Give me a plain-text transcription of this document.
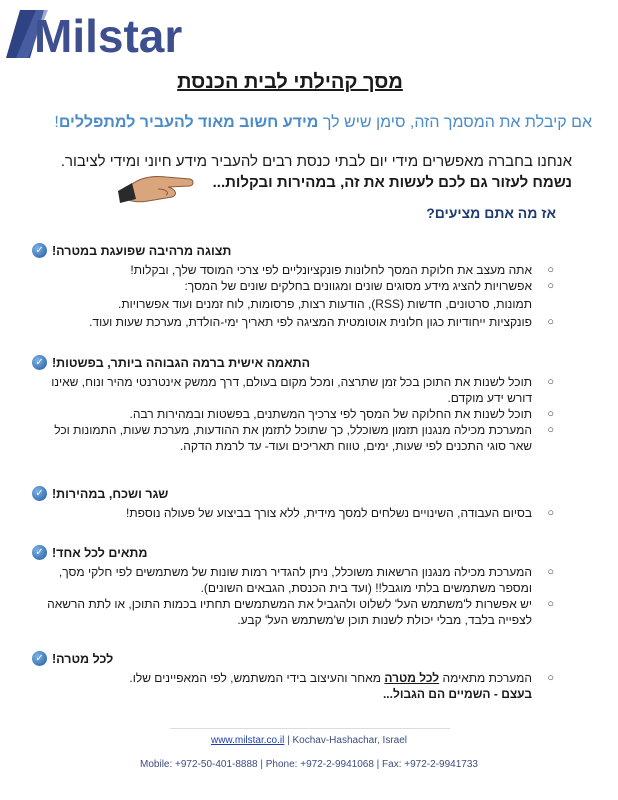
Milstar
מסך קהילתי לבית הכנסת
אם קיבלת את המסמך הזה, סימן שיש לך מידע חשוב מאוד להעביר למתפללים!
אנחנו בחברה מאפשרים מידי יום לבתי כנסת רבים להעביר מידע חיוני ומידי לציבור.
נשמח לעזור גם לכם לעשות את זה, במהירות ובקלות...
אז מה אתם מציעים?
✓ תצוגה מרהיבה שפועגת במטרה!
○
אתה מעצב את חלוקת המסך לחלונות פונקציונליים לפי צרכי המוסד שלך, ובקלות!
○
אפשרויות להציג מידע מסוגים שונים ומגוונים בחלקים שונים של המסך:
תמונות, סרטונים, חדשות (RSS), הודעות רצות, פרסומות, לוח זמנים ועוד אפשרויות.
○
פונקציות ייחודיות כגון חלונית אוטומטית המציגה לפי תאריך ימי-הולדת, מערכת שעות ועוד.
✓ התאמה אישית ברמה הגבוהה ביותר, בפשטות!
○
תוכל לשנות את התוכן בכל זמן שתרצה, ומכל מקום בעולם, דרך ממשק אינטרנטי מהיר ונוח, שאינו דורש ידע מוקדם.
○
תוכל לשנות את החלוקה של המסך לפי צרכיך המשתנים, בפשטות ובמהירות רבה.
○
המערכת מכילה מנגנון תזמון משוכלל, כך שתוכל לתזמן את ההודעות, מערכת שעות, התמונות וכל שאר סוגי התכנים לפי שעות, ימים, טווח תאריכים ועוד- עד לרמת הדקה.
✓ שגר ושכח, במהירות!
○
בסיום העבודה, השינויים נשלחים למסך מידית, ללא צורך בביצוע של פעולה נוספת!
✓ מתאים לכל אחד!
○
המערכת מכילה מנגנון הרשאות משוכלל, ניתן להגדיר רמות שונות של משתמשים לפי חלקי מסך, ומספר משתמשים בלתי מוגבל!! (ועד בית הכנסת, הגבאים השונים).
○
יש אפשרות ל'משתמש העל' לשלוט ולהגביל את המשתמשים תחתיו בכמות התוכן, או לתת הרשאה לצפייה בלבד, מבלי יכולת לשנות תוכן ש'משתמש העל' קבע.
✓ לכל מטרה!
○
המערכת מתאימה לכל מטרה מאחר והעיצוב בידי המשתמש, לפי המאפיינים שלו.
בעצם - השמיים הם הגבול...
www.milstar.co.il | Kochav-Hashachar, Israel
Mobile: +972-50-401-8888 | Phone: +972-2-9941068 | Fax: +972-2-9941733
